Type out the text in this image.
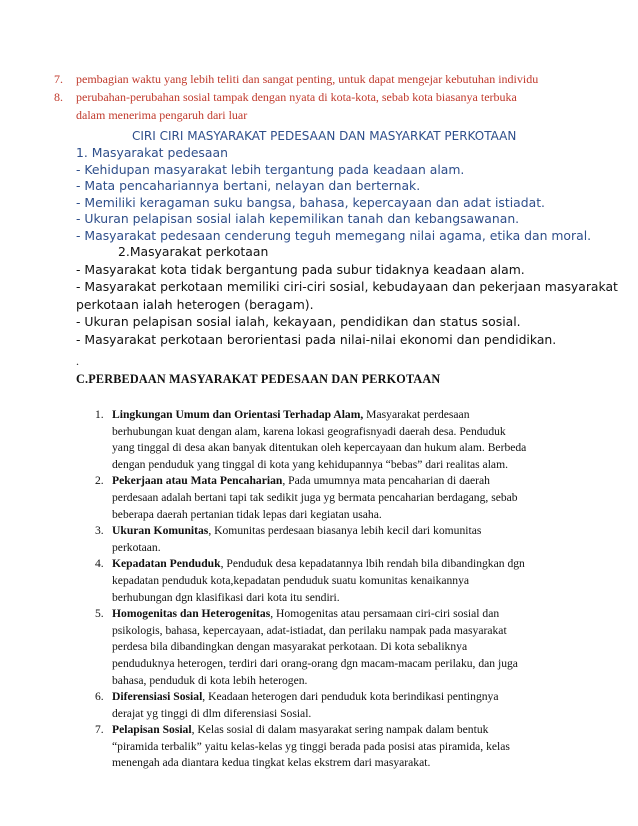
7. pembagian waktu yang lebih teliti dan sangat penting, untuk dapat mengejar kebutuhan individu
8. perubahan-perubahan sosial tampak dengan nyata di kota-kota, sebab kota biasanya terbuka
dalam menerima pengaruh dari luar
CIRI CIRI MASYARAKAT PEDESAAN DAN MASYARKAT PERKOTAAN
1. Masyarakat pedesaan
- Kehidupan masyarakat lebih tergantung pada keadaan alam.
- Mata pencahariannya bertani, nelayan dan berternak.
- Memiliki keragaman suku bangsa, bahasa, kepercayaan dan adat istiadat.
- Ukuran pelapisan sosial ialah kepemilikan tanah dan kebangsawanan.
- Masyarakat pedesaan cenderung teguh memegang nilai agama, etika dan moral.
2.Masyarakat perkotaan
- Masyarakat kota tidak bergantung pada subur tidaknya keadaan alam.
- Masyarakat perkotaan memiliki ciri-ciri sosial, kebudayaan dan pekerjaan masyarakat
perkotaan ialah heterogen (beragam).
- Ukuran pelapisan sosial ialah, kekayaan, pendidikan dan status sosial.
- Masyarakat perkotaan berorientasi pada nilai-nilai ekonomi dan pendidikan.
.
C.PERBEDAAN MASYARAKAT PEDESAAN DAN PERKOTAAN
1. Lingkungan Umum dan Orientasi Terhadap Alam, Masyarakat perdesaan
berhubungan kuat dengan alam, karena lokasi geografisnyadi daerah desa. Penduduk
yang tinggal di desa akan banyak ditentukan oleh kepercayaan dan hukum alam. Berbeda
dengan penduduk yang tinggal di kota yang kehidupannya “bebas” dari realitas alam.
2. Pekerjaan atau Mata Pencaharian, Pada umumnya mata pencaharian di daerah
perdesaan adalah bertani tapi tak sedikit juga yg bermata pencaharian berdagang, sebab
beberapa daerah pertanian tidak lepas dari kegiatan usaha.
3. Ukuran Komunitas, Komunitas perdesaan biasanya lebih kecil dari komunitas
perkotaan.
4. Kepadatan Penduduk, Penduduk desa kepadatannya lbih rendah bila dibandingkan dgn
kepadatan penduduk kota,kepadatan penduduk suatu komunitas kenaikannya
berhubungan dgn klasifikasi dari kota itu sendiri.
5. Homogenitas dan Heterogenitas, Homogenitas atau persamaan ciri-ciri sosial dan
psikologis, bahasa, kepercayaan, adat-istiadat, dan perilaku nampak pada masyarakat
perdesa bila dibandingkan dengan masyarakat perkotaan. Di kota sebaliknya
penduduknya heterogen, terdiri dari orang-orang dgn macam-macam perilaku, dan juga
bahasa, penduduk di kota lebih heterogen.
6. Diferensiasi Sosial, Keadaan heterogen dari penduduk kota berindikasi pentingnya
derajat yg tinggi di dlm diferensiasi Sosial.
7. Pelapisan Sosial, Kelas sosial di dalam masyarakat sering nampak dalam bentuk
“piramida terbalik” yaitu kelas-kelas yg tinggi berada pada posisi atas piramida, kelas
menengah ada diantara kedua tingkat kelas ekstrem dari masyarakat.
